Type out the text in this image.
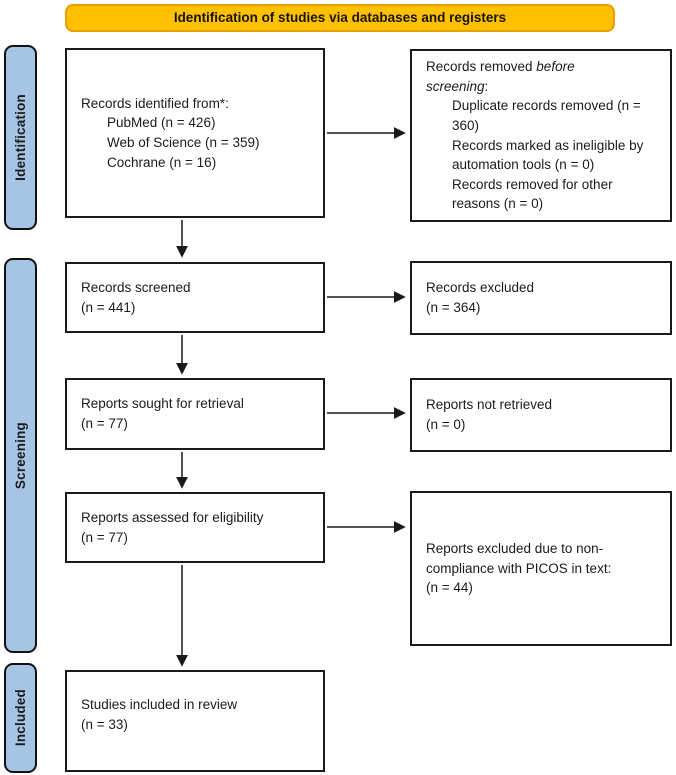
Identification of studies via databases and registers
Identification
Screening
Included
Records identified from*:
PubMed (n = 426)
Web of Science (n = 359)
Cochrane (n = 16)
Records removed before screening:
Duplicate records removed (n = 360)
Records marked as ineligible by automation tools (n = 0)
Records removed for other reasons (n = 0)
Records screened
(n = 441)
Records excluded
(n = 364)
Reports sought for retrieval
(n = 77)
Reports not retrieved
(n = 0)
Reports assessed for eligibility
(n = 77)
Reports excluded due to non-compliance with PICOS in text:
(n = 44)
Studies included in review
(n = 33)
